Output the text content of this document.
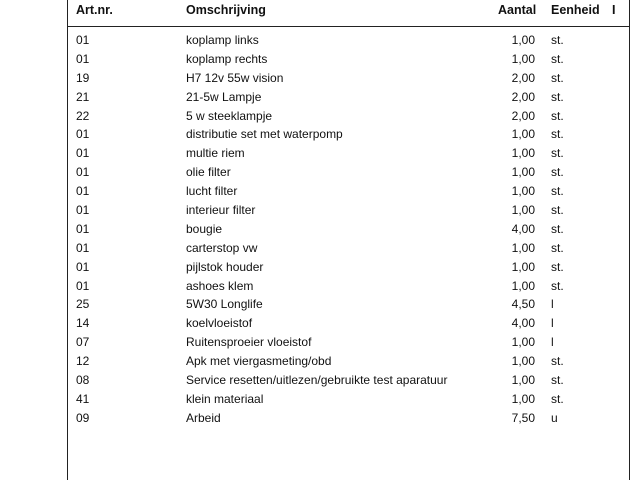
Art.nr.	Omschrijving	Aantal Eenheid I
01	koplamp links	1,00 st.
01	koplamp rechts	1,00 st.
19	H7 12v 55w vision	2,00 st.
21	21-5w Lampje	2,00 st.
22	5 w steeklampje	2,00 st.
01	distributie set met waterpomp	1,00 st.
01	multie riem	1,00 st.
01	olie filter	1,00 st.
01	lucht filter	1,00 st.
01	interieur filter	1,00 st.
01	bougie	4,00 st.
01	carterstop vw	1,00 st.
01	pijlstok houder	1,00 st.
01	ashoes klem	1,00 st.
25	5W30 Longlife	4,50 l
14	koelvloeistof	4,00 l
07	Ruitensproeier vloeistof	1,00 l
12	Apk met viergasmeting/obd	1,00 st.
08	Service resetten/uitlezen/gebruikte test aparatuur	1,00 st.
41	klein materiaal	1,00 st.
09	Arbeid	7,50 u
